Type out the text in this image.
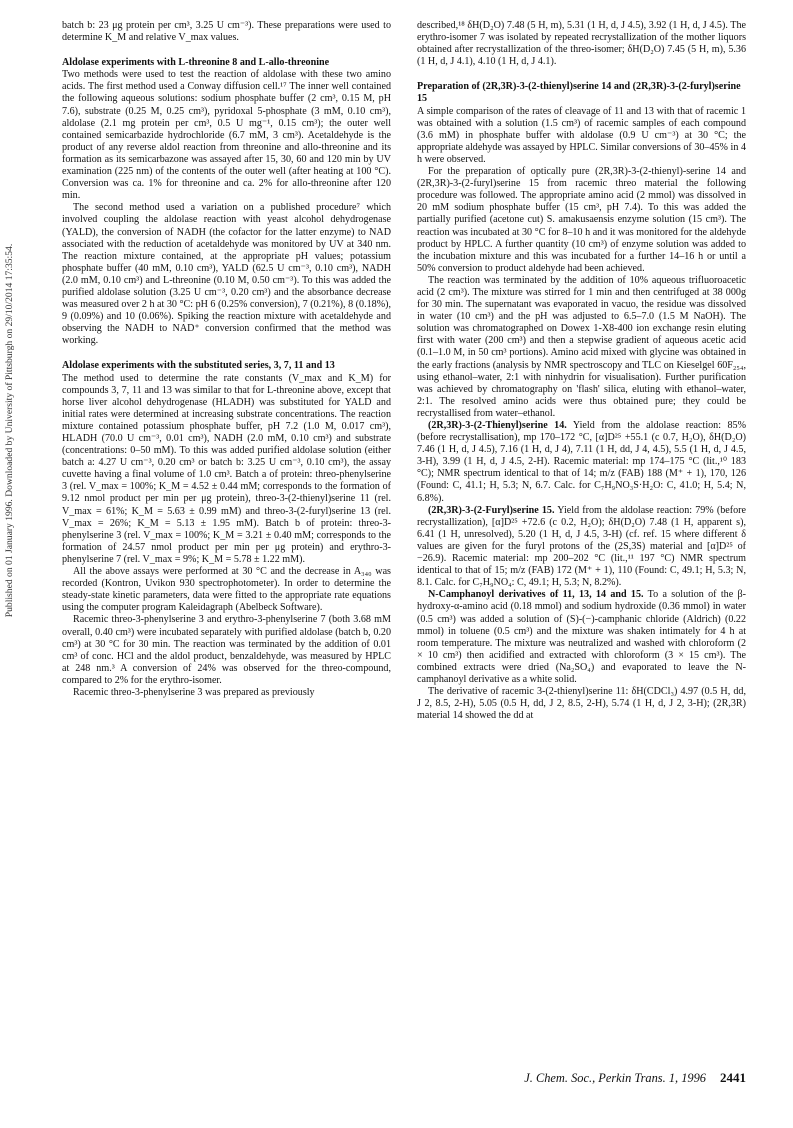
Published on 01 January 1996. Downloaded by University of Pittsburgh on 29/10/2014 17:35:54.

batch b: 23 μg protein per cm³, 3.25 U cm⁻³). These preparations were used to determine K_M and relative V_max values.

Aldolase experiments with L-threonine 8 and L-allo-threonine

Two methods were used to test the reaction of aldolase with these two amino acids. The first method used a Conway diffusion cell.¹⁷ The inner well contained the following aqueous solutions: sodium phosphate buffer (2 cm³, 0.15 M, pH 7.6), substrate (0.25 M, 0.25 cm³), pyridoxal 5-phosphate (3 mM, 0.10 cm³), aldolase (2.1 mg protein per cm³, 0.5 U mg⁻¹, 0.15 cm³); the outer well contained semicarbazide hydrochloride (6.7 mM, 3 cm³). Acetaldehyde is the product of any reverse aldol reaction from threonine and allo-threonine and its formation as its semicarbazone was assayed after 15, 30, 60 and 120 min by UV examination (225 nm) of the contents of the outer well (after heating at 100 °C). Conversion was ca. 1% for threonine and ca. 2% for allo-threonine after 120 min.

The second method used a variation on a published procedure⁷ which involved coupling the aldolase reaction with yeast alcohol dehydrogenase (YALD), the conversion of NADH (the cofactor for the latter enzyme) to NAD associated with the reduction of acetaldehyde was monitored by UV at 340 nm. The reaction mixture contained, at the appropriate pH values; potassium phosphate buffer (40 mM, 0.10 cm³), YALD (62.5 U cm⁻³, 0.10 cm³), NADH (2.0 mM, 0.10 cm³) and L-threonine (0.10 M, 0.50 cm⁻³). To this was added the purified aldolase solution (3.25 U cm⁻³, 0.20 cm³) and the absorbance decrease was measured over 2 h at 30 °C: pH 6 (0.25% conversion), 7 (0.21%), 8 (0.18%), 9 (0.09%) and 10 (0.06%). Spiking the reaction mixture with acetaldehyde and observing the NADH to NAD⁺ conversion confirmed that the method was working.

Aldolase experiments with the substituted series, 3, 7, 11 and 13

The method used to determine the rate constants (V_max and K_M) for compounds 3, 7, 11 and 13 was similar to that for L-threonine above, except that horse liver alcohol dehydrogenase (HLADH) was substituted for YALD and initial rates were determined at increasing substrate concentrations. The reaction mixture contained potassium phosphate buffer, pH 7.2 (1.0 M, 0.017 cm³), HLADH (70.0 U cm⁻³, 0.01 cm³), NADH (2.0 mM, 0.10 cm³) and substrate (concentrations: 0–50 mM). To this was added purified aldolase solution (either batch a: 4.27 U cm⁻³, 0.20 cm³ or batch b: 3.25 U cm⁻³, 0.10 cm³), the assay cuvette having a final volume of 1.0 cm³. Batch a of protein: threo-phenylserine 3 (rel. V_max = 100%; K_M = 4.52 ± 0.44 mM; corresponds to the formation of 9.12 nmol product per min per μg protein), threo-3-(2-thienyl)serine 11 (rel. V_max = 61%; K_M = 5.63 ± 0.99 mM) and threo-3-(2-furyl)serine 13 (rel. V_max = 26%; K_M = 5.13 ± 1.95 mM). Batch b of protein: threo-3-phenylserine 3 (rel. V_max = 100%; K_M = 3.21 ± 0.40 mM; corresponds to the formation of 24.57 nmol product per min per μg protein) and erythro-3-phenylserine 7 (rel. V_max = 9%; K_M = 5.78 ± 1.22 mM).

All the above assays were performed at 30 °C and the decrease in A₃₄₀ was recorded (Kontron, Uvikon 930 spectrophotometer). In order to determine the steady-state kinetic parameters, data were fitted to the appropriate rate equations using the computer program Kaleidagraph (Abelbeck Software).

Racemic threo-3-phenylserine 3 and erythro-3-phenylserine 7 (both 3.68 mM overall, 0.40 cm³) were incubated separately with purified aldolase (batch b, 0.20 cm³) at 30 °C for 30 min. The reaction was terminated by the addition of 0.01 cm³ of conc. HCl and the aldol product, benzaldehyde, was measured by HPLC at 248 nm.³ A conversion of 24% was observed for the threo-compound, compared to 2% for the erythro-isomer.

Racemic threo-3-phenylserine 3 was prepared as previously

described,¹⁸ δH(D₂O) 7.48 (5 H, m), 5.31 (1 H, d, J 4.5), 3.92 (1 H, d, J 4.5). The erythro-isomer 7 was isolated by repeated recrystallization of the mother liquors obtained after recrystallization of the threo-isomer; δH(D₂O) 7.45 (5 H, m), 5.36 (1 H, d, J 4.1), 4.10 (1 H, d, J 4.1).

Preparation of (2R,3R)-3-(2-thienyl)serine 14 and (2R,3R)-3-(2-furyl)serine 15

A simple comparison of the rates of cleavage of 11 and 13 with that of racemic 1 was obtained with a solution (1.5 cm³) of racemic samples of each compound (3.6 mM) in phosphate buffer with aldolase (0.9 U cm⁻³) at 30 °C; the appropriate aldehyde was assayed by HPLC. Similar conversions of 30–45% in 4 h were observed.

For the preparation of optically pure (2R,3R)-3-(2-thienyl)-serine 14 and (2R,3R)-3-(2-furyl)serine 15 from racemic threo material the following procedure was followed. The appropriate amino acid (2 mmol) was dissolved in 20 mM sodium phosphate buffer (15 cm³, pH 7.4). To this was added the partially purified (acetone cut) S. amakusaensis enzyme solution (15 cm³). The reaction was incubated at 30 °C for 8–10 h and it was monitored for the aldehyde product by HPLC. A further quantity (10 cm³) of enzyme solution was added to the incubation mixture and this was incubated for a further 14–16 h or until a 50% conversion to product aldehyde had been achieved.

The reaction was terminated by the addition of 10% aqueous trifluoroacetic acid (2 cm³). The mixture was stirred for 1 min and then centrifuged at 38 000g for 30 min. The supernatant was evaporated in vacuo, the residue was dissolved in water (10 cm³) and the pH was adjusted to 6.5–7.0 (1.5 M NaOH). The solution was chromatographed on Dowex 1-X8-400 ion exchange resin eluting first with water (200 cm³) and then a stepwise gradient of aqueous acetic acid (0.1–1.0 M, in 50 cm³ portions). Amino acid mixed with glycine was obtained in the early fractions (analysis by NMR spectroscopy and TLC on Kieselgel 60F₂₅₄, using ethanol–water, 2:1 with ninhydrin for visualisation). Further purification was achieved by chromatography on 'flash' silica, eluting with ethanol–water, 2:1. The resolved amino acids were thus obtained pure; they could be recrystallised from water–ethanol.

(2R,3R)-3-(2-Thienyl)serine 14. Yield from the aldolase reaction: 85% (before recrystallisation), mp 170–172 °C, [α]D²⁵ +55.1 (c 0.7, H₂O), δH(D₂O) 7.46 (1 H, d, J 4.5), 7.16 (1 H, d, J 4), 7.11 (1 H, dd, J 4, 4.5), 5.5 (1 H, d, J 4.5, 3-H), 3.99 (1 H, d, J 4.5, 2-H). Racemic material: mp 174–175 °C (lit.,¹⁰ 183 °C); NMR spectrum identical to that of 14; m/z (FAB) 188 (M⁺ + 1), 170, 126 (Found: C, 41.1; H, 5.3; N, 6.7. Calc. for C₇H₉NO₃S·H₂O: C, 41.0; H, 5.4; N, 6.8%).

(2R,3R)-3-(2-Furyl)serine 15. Yield from the aldolase reaction: 79% (before recrystallization), [α]D²⁵ +72.6 (c 0.2, H₂O); δH(D₂O) 7.48 (1 H, apparent s), 6.41 (1 H, unresolved), 5.20 (1 H, d, J 4.5, 3-H) (cf. ref. 15 where different δ values are given for the furyl protons of the (2S,3S) material and [α]D²⁵ of −26.9). Racemic material: mp 200–202 °C (lit.,¹¹ 197 °C) NMR spectrum identical to that of 15; m/z (FAB) 172 (M⁺ + 1), 110 (Found: C, 49.1; H, 5.3; N, 8.1. Calc. for C₇H₉NO₄: C, 49.1; H, 5.3; N, 8.2%).

N-Camphanoyl derivatives of 11, 13, 14 and 15. To a solution of the β-hydroxy-α-amino acid (0.18 mmol) and sodium hydroxide (0.36 mmol) in water (0.5 cm³) was added a solution of (S)-(−)-camphanic chloride (Aldrich) (0.22 mmol) in toluene (0.5 cm³) and the mixture was shaken intimately for 4 h at room temperature. The mixture was neutralized and washed with chloroform (2 × 10 cm³) then acidified and extracted with chloroform (3 × 15 cm³). The combined extracts were dried (Na₂SO₄) and evaporated to leave the N-camphanoyl derivative as a white solid.

The derivative of racemic 3-(2-thienyl)serine 11: δH(CDCl₃) 4.97 (0.5 H, dd, J 2, 8.5, 2-H), 5.05 (0.5 H, dd, J 2, 8.5, 2-H), 5.74 (1 H, d, J 2, 3-H); (2R,3R) material 14 showed the dd at

J. Chem. Soc., Perkin Trans. 1, 1996 2441
